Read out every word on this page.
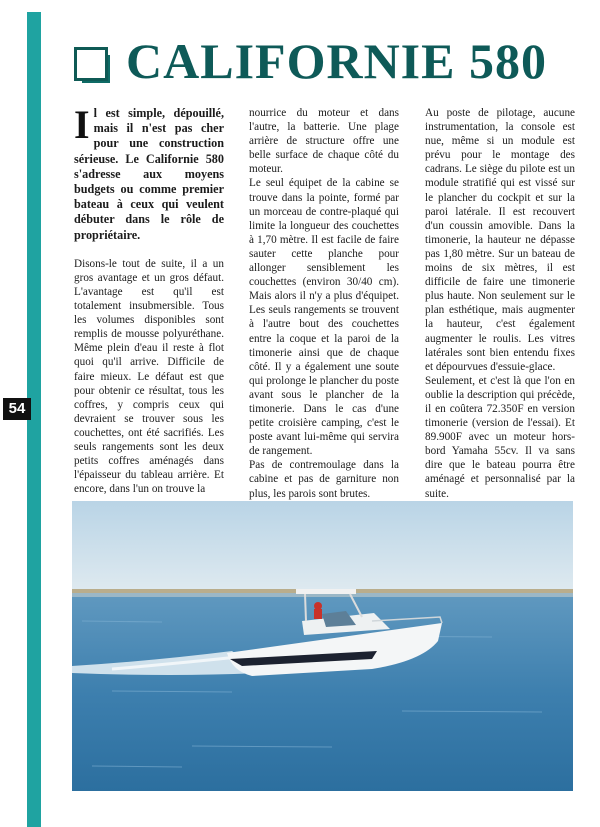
54
CALIFORNIE 580

Il est simple, dépouillé, mais il n'est pas cher pour une construction sérieuse. Le Californie 580 s'adresse aux moyens budgets ou comme premier bateau à ceux qui veulent débuter dans le rôle de propriétaire.

Disons-le tout de suite, il a un gros avantage et un gros défaut. L'avantage est qu'il est totalement insubmersible. Tous les volumes disponibles sont remplis de mousse polyuréthane. Même plein d'eau il reste à flot quoi qu'il arrive. Difficile de faire mieux. Le défaut est que pour obtenir ce résultat, tous les coffres, y compris ceux qui devraient se trouver sous les couchettes, ont été sacrifiés. Les seuls rangements sont les deux petits coffres aménagés dans l'épaisseur du tableau arrière. Et encore, dans l'un on trouve la

nourrice du moteur et dans l'autre, la batterie. Une plage arrière de structure offre une belle surface de chaque côté du moteur.

Le seul équipet de la cabine se trouve dans la pointe, formé par un morceau de contre-plaqué qui limite la longueur des couchettes à 1,70 mètre. Il est facile de faire sauter cette planche pour allonger sensiblement les couchettes (environ 30/40 cm). Mais alors il n'y a plus d'équipet. Les seuls rangements se trouvent à l'autre bout des couchettes entre la coque et la paroi de la timonerie ainsi que de chaque côté. Il y a également une soute qui prolonge le plancher du poste avant sous le plancher de la timonerie. Dans le cas d'une petite croisière camping, c'est le poste avant lui-même qui servira de rangement.

Pas de contremoulage dans la cabine et pas de garniture non plus, les parois sont brutes.

Au poste de pilotage, aucune instrumentation, la console est nue, même si un module est prévu pour le montage des cadrans. Le siège du pilote est un module stratifié qui est vissé sur le plancher du cockpit et sur la paroi latérale. Il est recouvert d'un coussin amovible. Dans la timonerie, la hauteur ne dépasse pas 1,80 mètre. Sur un bateau de moins de six mètres, il est difficile de faire une timonerie plus haute. Non seulement sur le plan esthétique, mais augmenter la hauteur, c'est également augmenter le roulis. Les vitres latérales sont bien entendu fixes et dépourvues d'essuie-glace.

Seulement, et c'est là que l'on en oublie la description qui précède, il en coûtera 72.350F en version timonerie (version de l'essai). Et 89.900F avec un moteur hors-bord Yamaha 55cv. Il va sans dire que le bateau pourra être aménagé et personnalisé par la suite.
